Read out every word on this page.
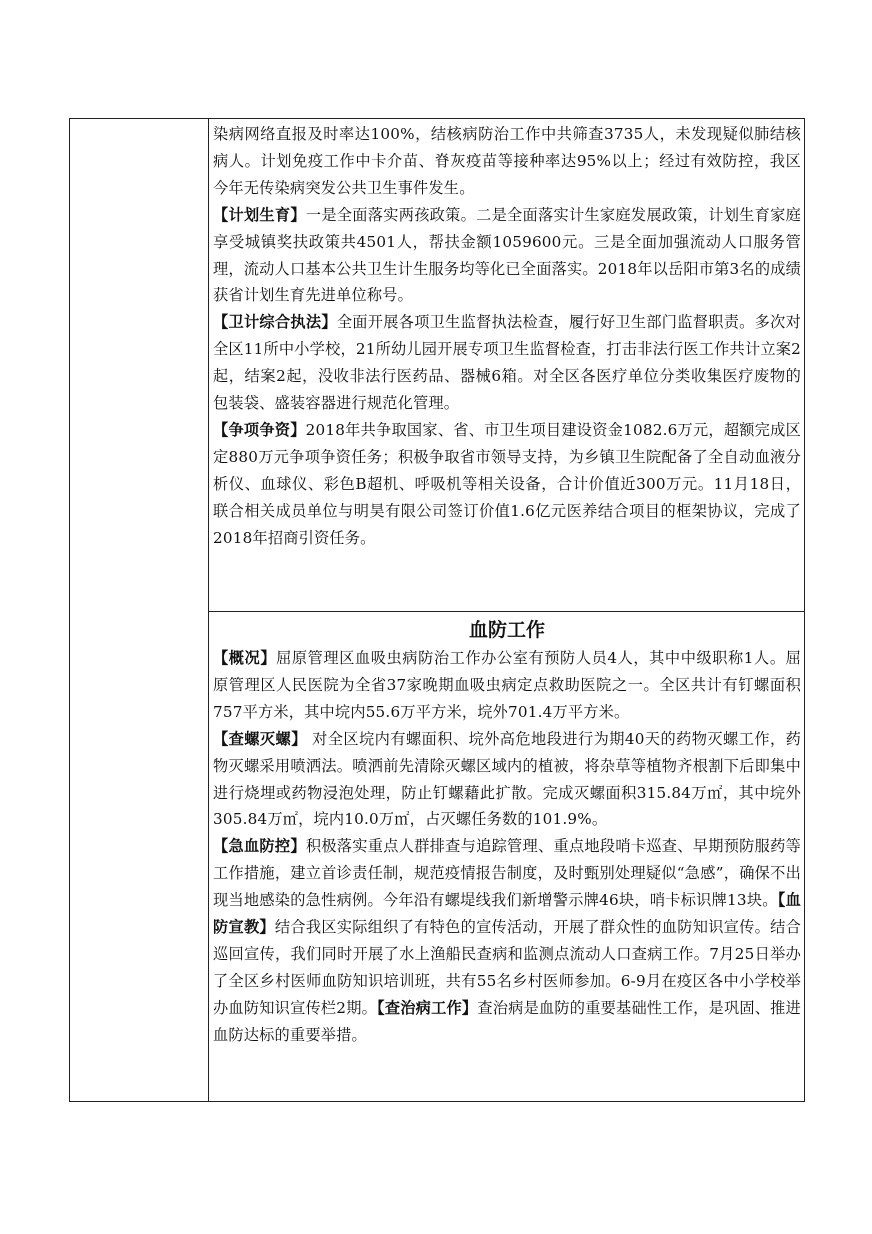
染病网络直报及时率达100%，结核病防治工作中共筛查3735人，未发现疑似肺结核病人。计划免疫工作中卡介苗、脊灰疫苗等接种率达95%以上；经过有效防控，我区今年无传染病突发公共卫生事件发生。

【计划生育】一是全面落实两孩政策。二是全面落实计生家庭发展政策，计划生育家庭享受城镇奖扶政策共4501人，帮扶金额1059600元。三是全面加强流动人口服务管理，流动人口基本公共卫生计生服务均等化已全面落实。2018年以岳阳市第3名的成绩获省计划生育先进单位称号。

【卫计综合执法】全面开展各项卫生监督执法检查，履行好卫生部门监督职责。多次对全区11所中小学校，21所幼儿园开展专项卫生监督检查，打击非法行医工作共计立案2起，结案2起，没收非法行医药品、器械6箱。对全区各医疗单位分类收集医疗废物的包装袋、盛装容器进行规范化管理。

【争项争资】2018年共争取国家、省、市卫生项目建设资金1082.6万元，超额完成区定880万元争项争资任务；积极争取省市领导支持，为乡镇卫生院配备了全自动血液分析仪、血球仪、彩色B超机、呼吸机等相关设备，合计价值近300万元。11月18日，联合相关成员单位与明昊有限公司签订价值1.6亿元医养结合项目的框架协议，完成了2018年招商引资任务。

血防工作

【概况】屈原管理区血吸虫病防治工作办公室有预防人员4人，其中中级职称1人。屈原管理区人民医院为全省37家晚期血吸虫病定点救助医院之一。全区共计有钉螺面积757平方米，其中垸内55.6万平方米，垸外701.4万平方米。

【查螺灭螺】 对全区垸内有螺面积、垸外高危地段进行为期40天的药物灭螺工作，药物灭螺采用喷洒法。喷洒前先清除灭螺区域内的植被，将杂草等植物齐根割下后即集中进行烧埋或药物浸泡处理，防止钉螺藉此扩散。完成灭螺面积315.84万㎡，其中垸外305.84万㎡，垸内10.0万㎡，占灭螺任务数的101.9%。

【急血防控】积极落实重点人群排查与追踪管理、重点地段哨卡巡查、早期预防服药等工作措施，建立首诊责任制，规范疫情报告制度，及时甄别处理疑似“急感”，确保不出现当地感染的急性病例。今年沿有螺堤线我们新增警示牌46块，哨卡标识牌13块。【血防宣教】结合我区实际组织了有特色的宣传活动，开展了群众性的血防知识宣传。结合巡回宣传，我们同时开展了水上渔船民查病和监测点流动人口查病工作。7月25日举办了全区乡村医师血防知识培训班，共有55名乡村医师参加。6-9月在疫区各中小学校举办血防知识宣传栏2期。【查治病工作】查治病是血防的重要基础性工作，是巩固、推进血防达标的重要举措。
